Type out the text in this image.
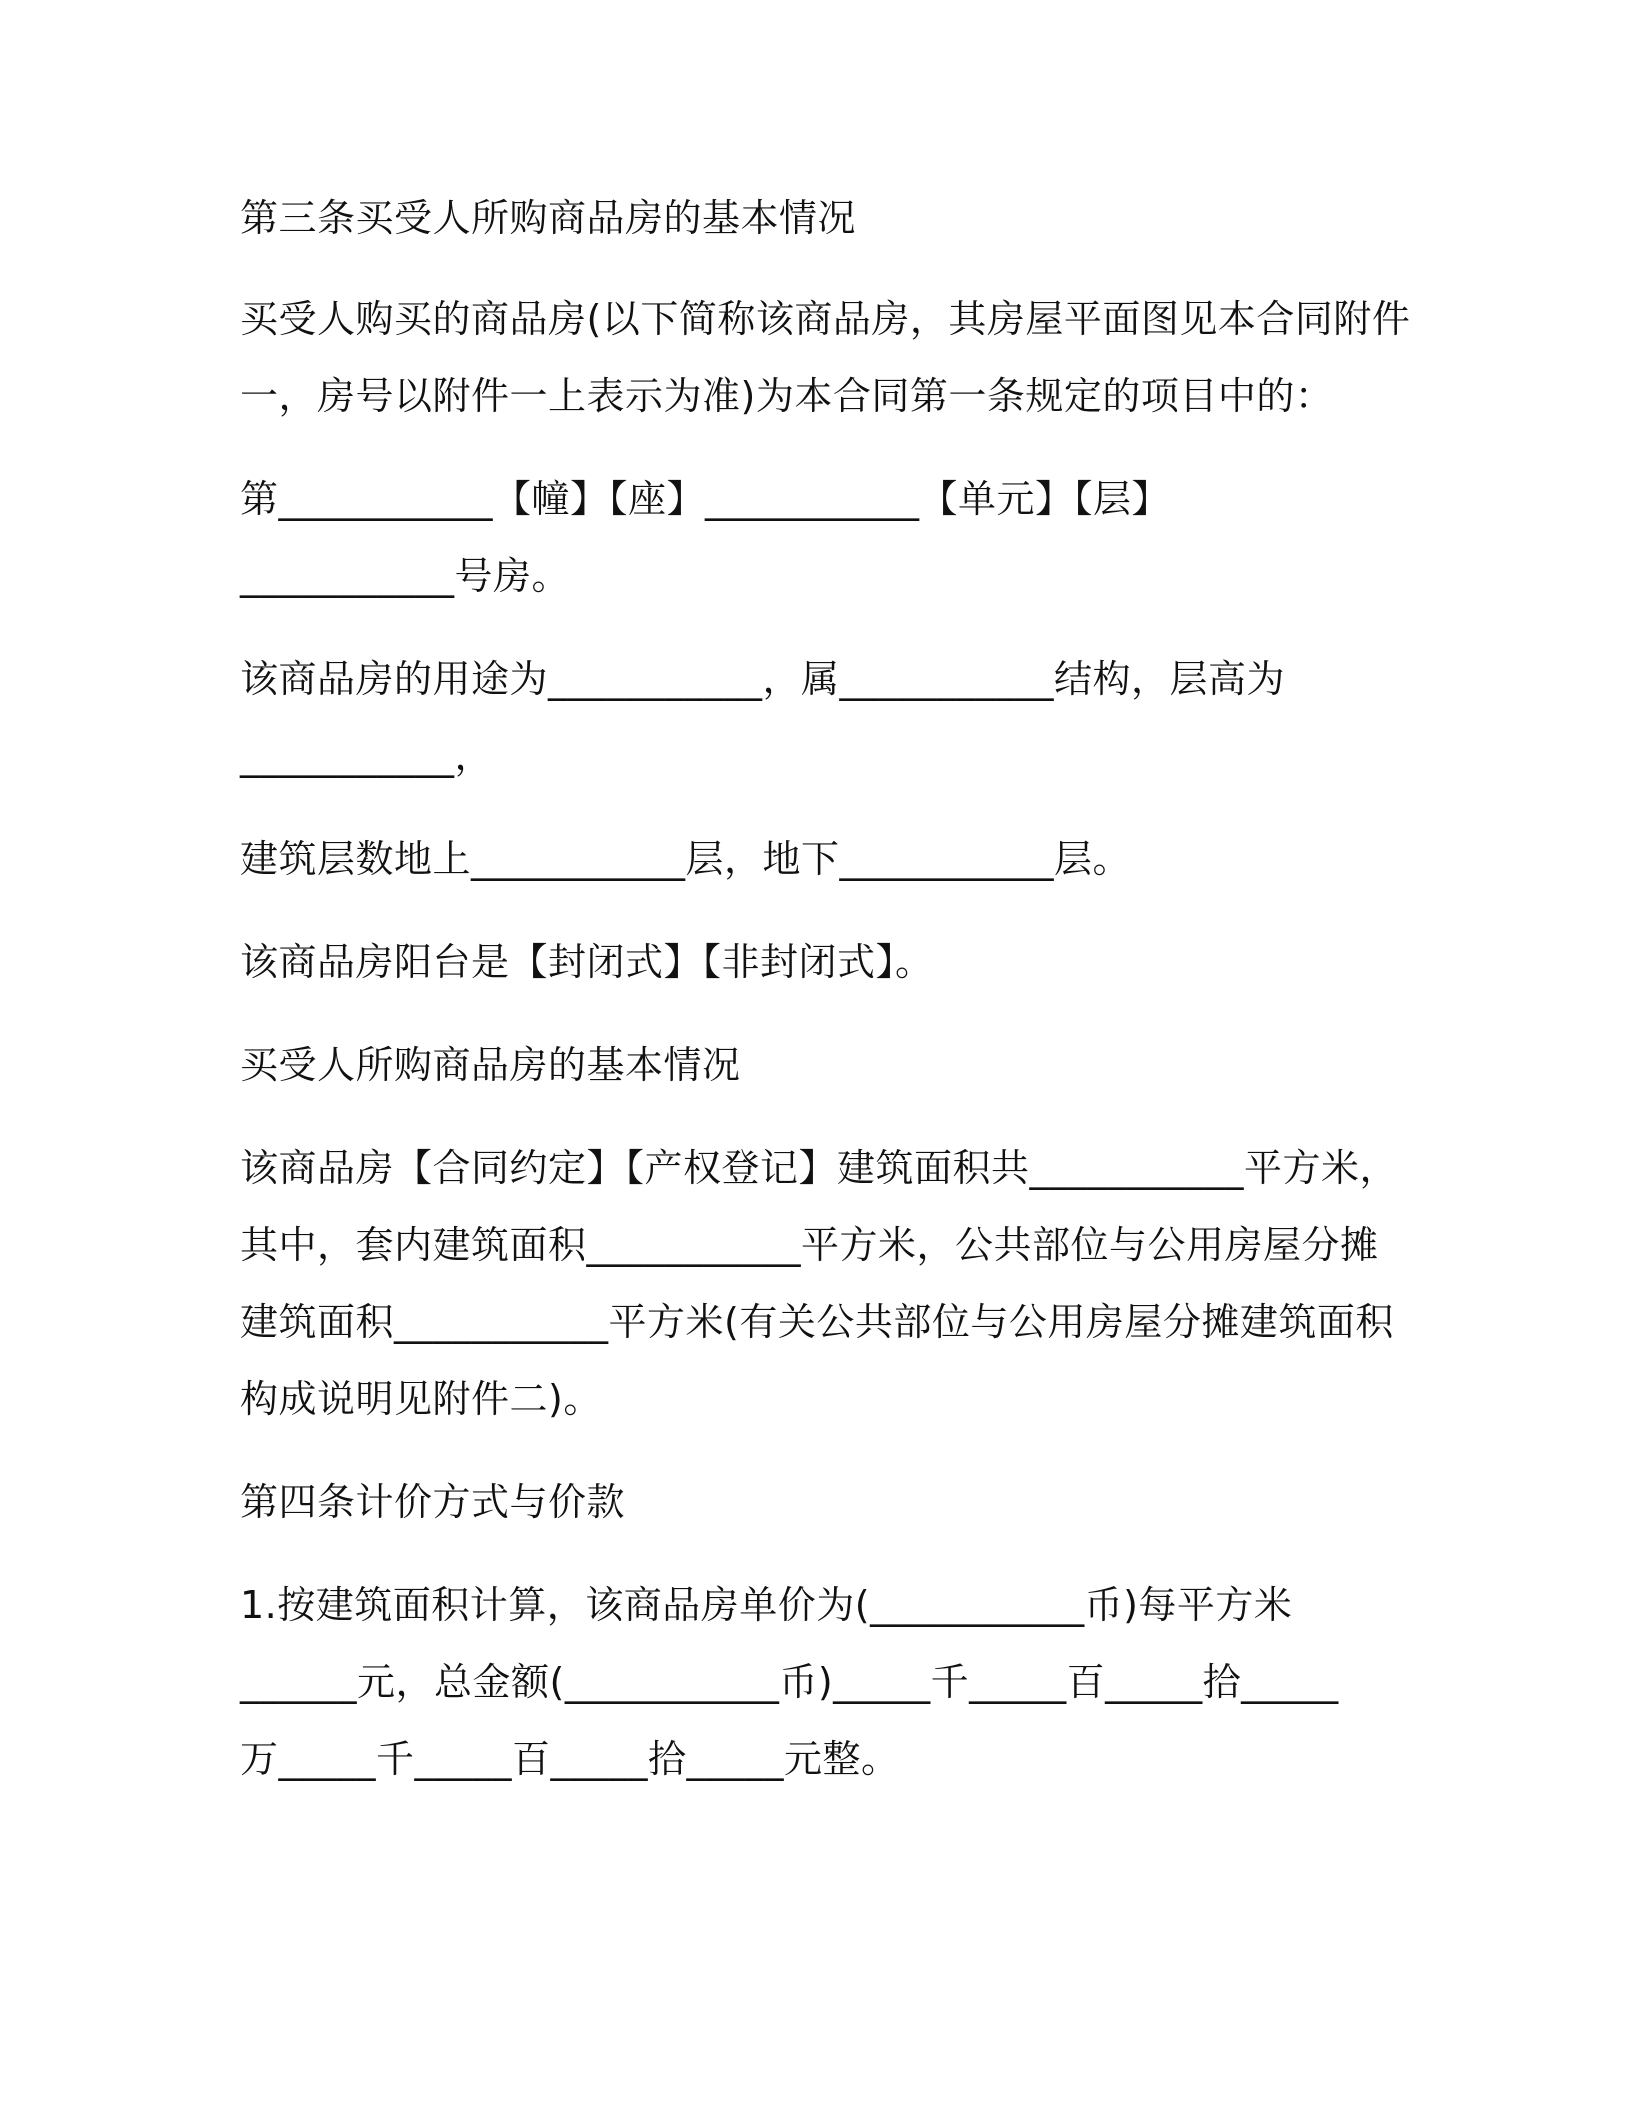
第三条买受人所购商品房的基本情况
买受人购买的商品房(以下简称该商品房，其房屋平面图见本合同附件
一，房号以附件一上表示为准)为本合同第一条规定的项目中的：
第___________【幢】【座】___________【单元】【层】
___________号房。
该商品房的用途为___________，属___________结构，层高为
___________，
建筑层数地上___________层，地下___________层。
该商品房阳台是【封闭式】【非封闭式】。
买受人所购商品房的基本情况
该商品房【合同约定】【产权登记】建筑面积共___________平方米，
其中，套内建筑面积___________平方米，公共部位与公用房屋分摊
建筑面积___________平方米(有关公共部位与公用房屋分摊建筑面积
构成说明见附件二)。
第四条计价方式与价款
1.按建筑面积计算，该商品房单价为(___________币)每平方米
______元，总金额(___________币)_____千_____百_____拾_____
万_____千_____百_____拾_____元整。
